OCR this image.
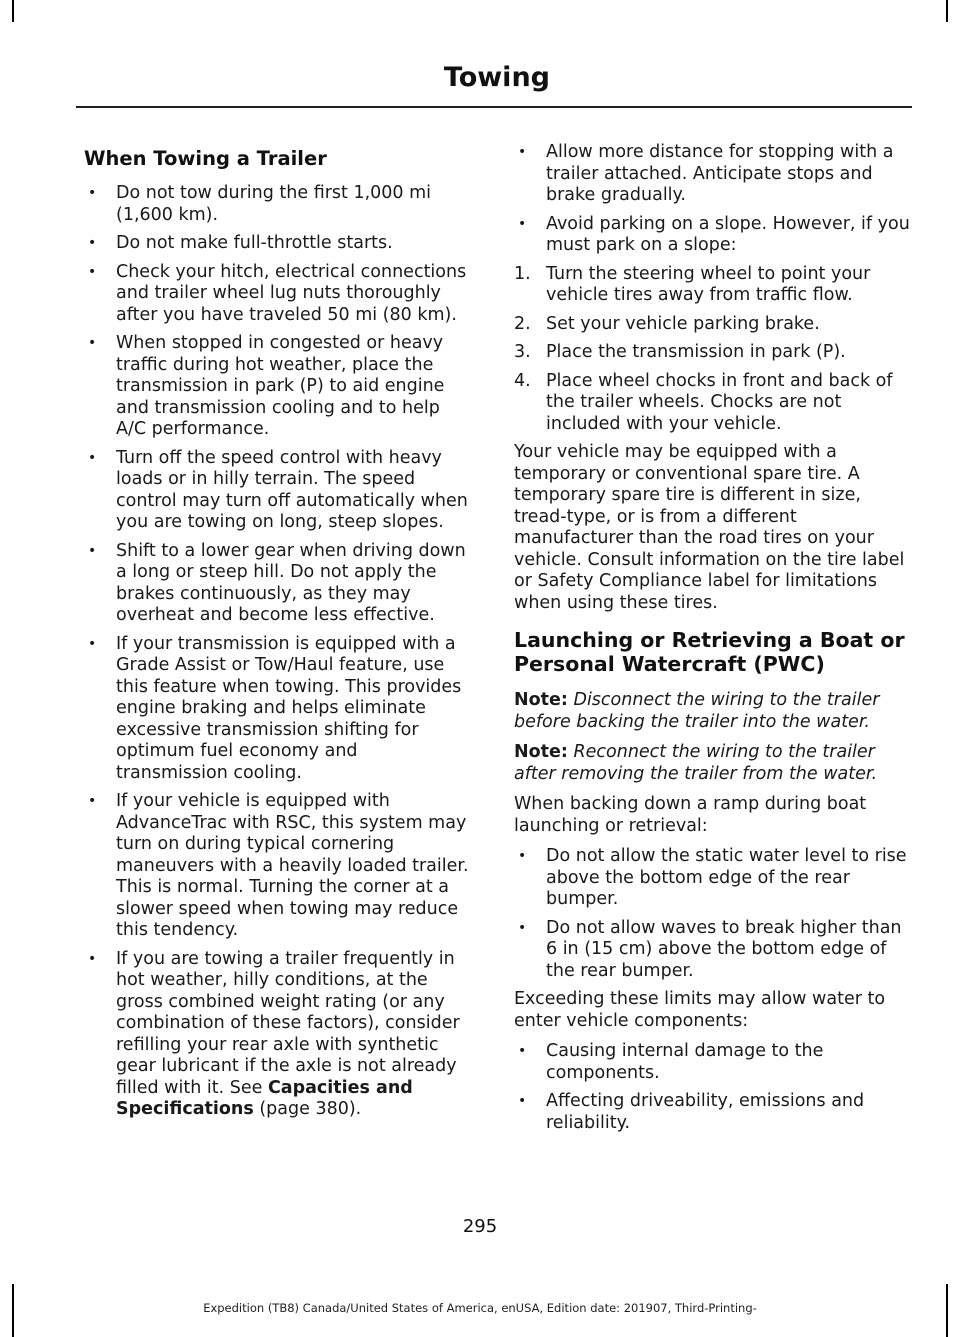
Towing
When Towing a Trailer
• Do not tow during the first 1,000 mi (1,600 km).
• Do not make full-throttle starts.
• Check your hitch, electrical connections and trailer wheel lug nuts thoroughly after you have traveled 50 mi (80 km).
• When stopped in congested or heavy traffic during hot weather, place the transmission in park (P) to aid engine and transmission cooling and to help A/C performance.
• Turn off the speed control with heavy loads or in hilly terrain. The speed control may turn off automatically when you are towing on long, steep slopes.
• Shift to a lower gear when driving down a long or steep hill. Do not apply the brakes continuously, as they may overheat and become less effective.
• If your transmission is equipped with a Grade Assist or Tow/Haul feature, use this feature when towing. This provides engine braking and helps eliminate excessive transmission shifting for optimum fuel economy and transmission cooling.
• If your vehicle is equipped with AdvanceTrac with RSC, this system may turn on during typical cornering maneuvers with a heavily loaded trailer. This is normal. Turning the corner at a slower speed when towing may reduce this tendency.
• If you are towing a trailer frequently in hot weather, hilly conditions, at the gross combined weight rating (or any combination of these factors), consider refilling your rear axle with synthetic gear lubricant if the axle is not already filled with it. See Capacities and Specifications (page 380).
• Allow more distance for stopping with a trailer attached. Anticipate stops and brake gradually.
• Avoid parking on a slope. However, if you must park on a slope:
1. Turn the steering wheel to point your vehicle tires away from traffic flow.
2. Set your vehicle parking brake.
3. Place the transmission in park (P).
4. Place wheel chocks in front and back of the trailer wheels. Chocks are not included with your vehicle.

Your vehicle may be equipped with a temporary or conventional spare tire. A temporary spare tire is different in size, tread-type, or is from a different manufacturer than the road tires on your vehicle. Consult information on the tire label or Safety Compliance label for limitations when using these tires.

Launching or Retrieving a Boat or Personal Watercraft (PWC)

Note: Disconnect the wiring to the trailer before backing the trailer into the water.

Note: Reconnect the wiring to the trailer after removing the trailer from the water.

When backing down a ramp during boat launching or retrieval:

• Do not allow the static water level to rise above the bottom edge of the rear bumper.
• Do not allow waves to break higher than 6 in (15 cm) above the bottom edge of the rear bumper.

Exceeding these limits may allow water to enter vehicle components:

• Causing internal damage to the components.
• Affecting driveability, emissions and reliability.
295
Expedition (TB8) Canada/United States of America, enUSA, Edition date: 201907, Third-Printing-
